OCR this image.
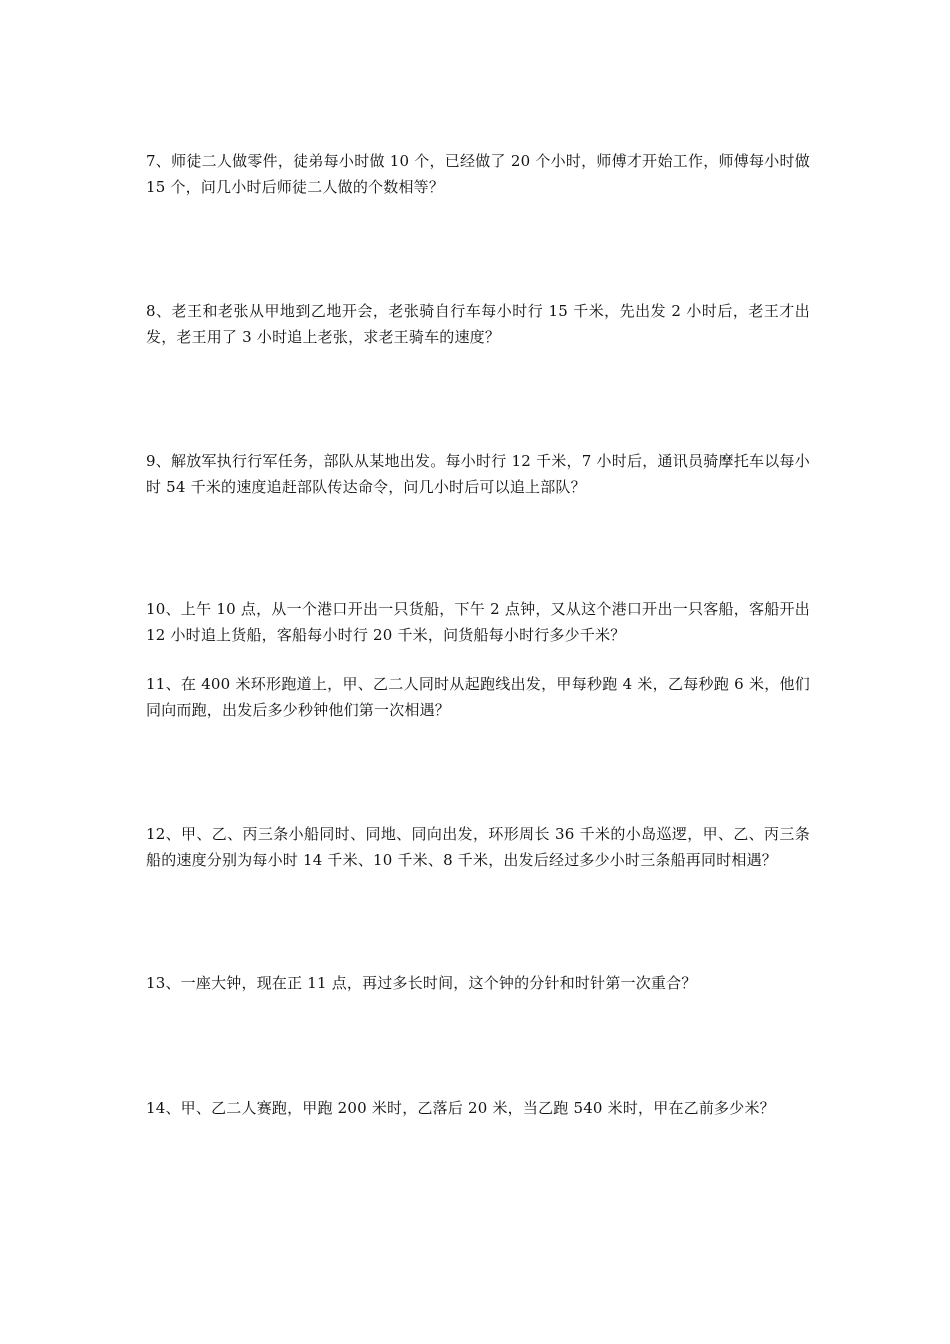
7、师徒二人做零件，徒弟每小时做 10 个，已经做了 20 个小时，师傅才开始工作，师傅每小时做 15 个，问几小时后师徒二人做的个数相等？

8、老王和老张从甲地到乙地开会，老张骑自行车每小时行 15 千米，先出发 2 小时后，老王才出发，老王用了 3 小时追上老张，求老王骑车的速度？

9、解放军执行行军任务，部队从某地出发。每小时行 12 千米，7 小时后，通讯员骑摩托车以每小时 54 千米的速度追赶部队传达命令，问几小时后可以追上部队？

10、上午 10 点，从一个港口开出一只货船，下午 2 点钟，又从这个港口开出一只客船，客船开出 12 小时追上货船，客船每小时行 20 千米，问货船每小时行多少千米？

11、在 400 米环形跑道上，甲、乙二人同时从起跑线出发，甲每秒跑 4 米，乙每秒跑 6 米，他们同向而跑，出发后多少秒钟他们第一次相遇？

12、甲、乙、丙三条小船同时、同地、同向出发，环形周长 36 千米的小岛巡逻，甲、乙、丙三条船的速度分别为每小时 14 千米、10 千米、8 千米，出发后经过多少小时三条船再同时相遇？

13、一座大钟，现在正 11 点，再过多长时间，这个钟的分针和时针第一次重合？

14、甲、乙二人赛跑，甲跑 200 米时，乙落后 20 米，当乙跑 540 米时，甲在乙前多少米？
